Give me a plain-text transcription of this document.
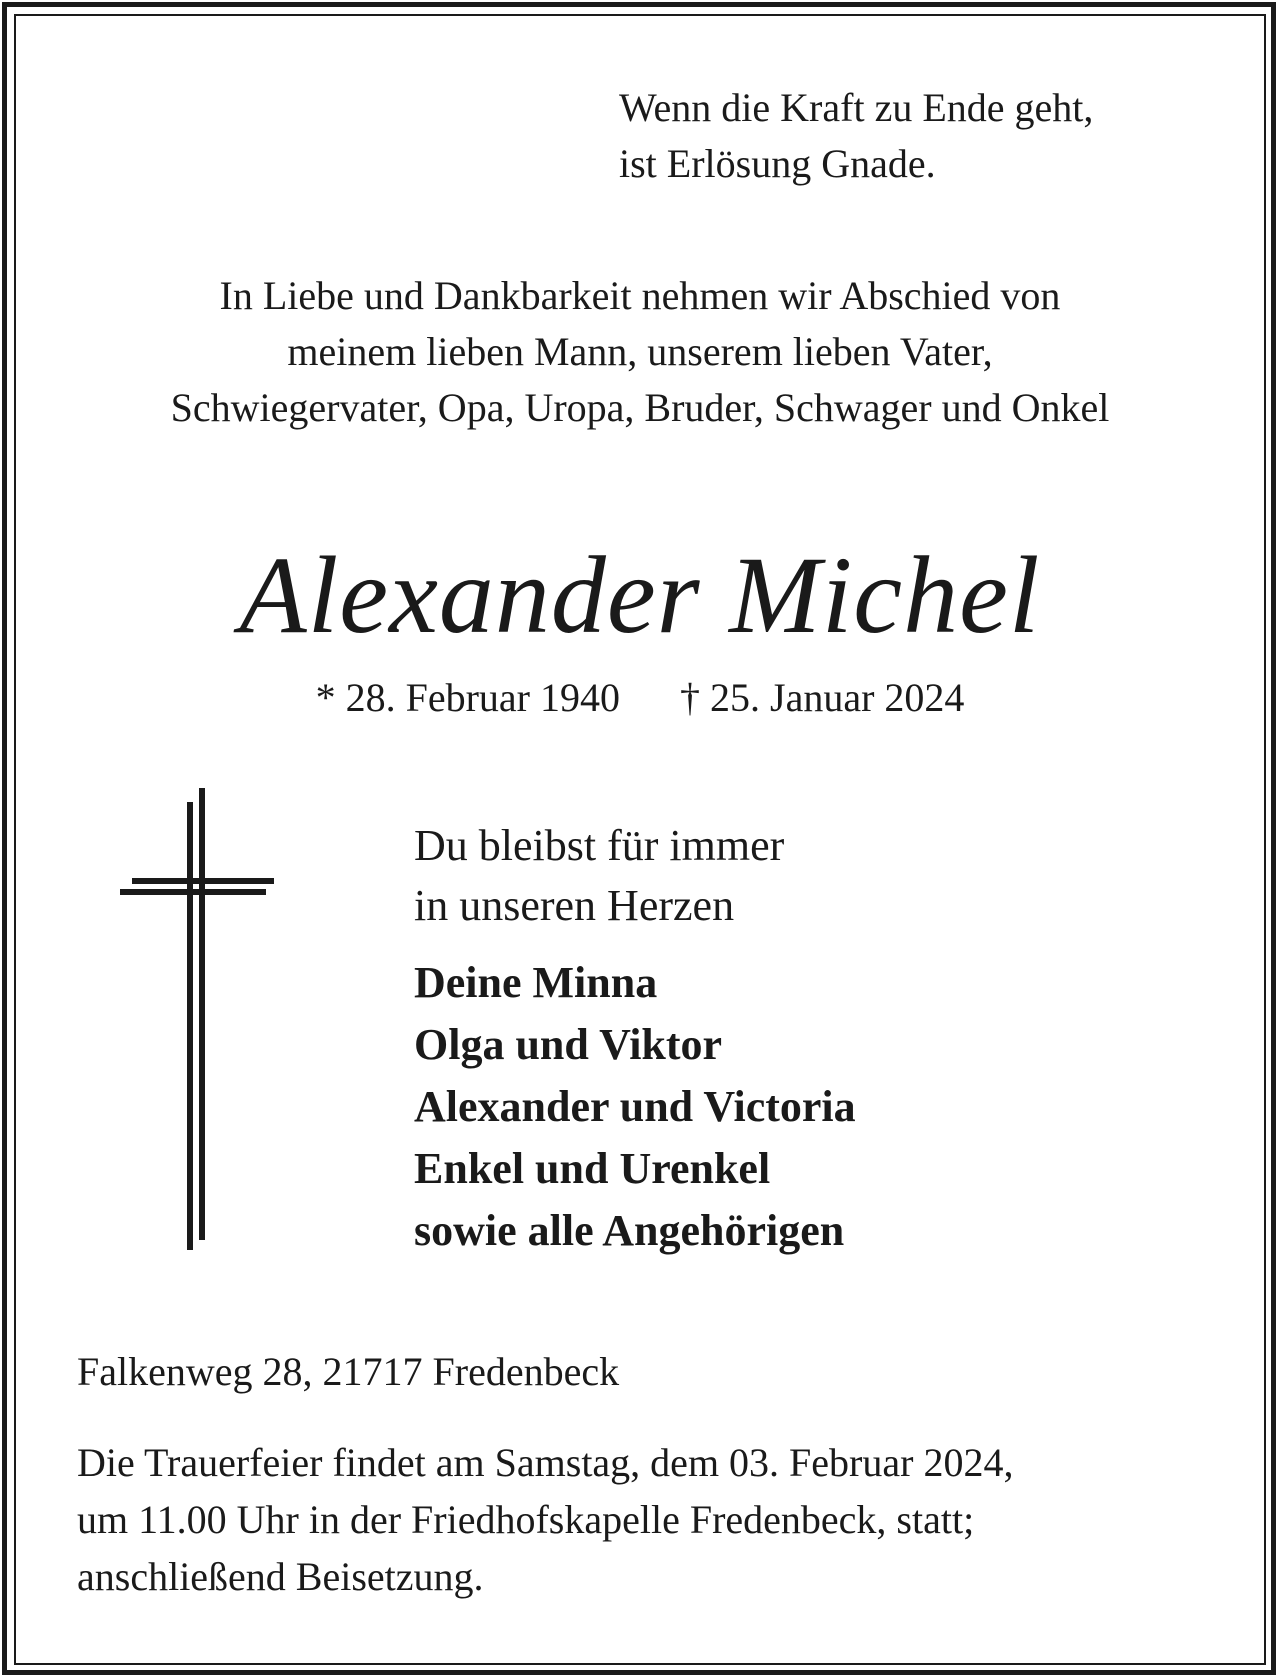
Wenn die Kraft zu Ende geht,
ist Erlösung Gnade.
In Liebe und Dankbarkeit nehmen wir Abschied von
meinem lieben Mann, unserem lieben Vater,
Schwiegervater, Opa, Uropa, Bruder, Schwager und Onkel
Alexander Michel
* 28. Februar 1940 † 25. Januar 2024
Du bleibst für immer
in unseren Herzen
Deine Minna
Olga und Viktor
Alexander und Victoria
Enkel und Urenkel
sowie alle Angehörigen
Falkenweg 28, 21717 Fredenbeck
Die Trauerfeier findet am Samstag, dem 03. Februar 2024,
um 11.00 Uhr in der Friedhofskapelle Fredenbeck, statt;
anschließend Beisetzung.
